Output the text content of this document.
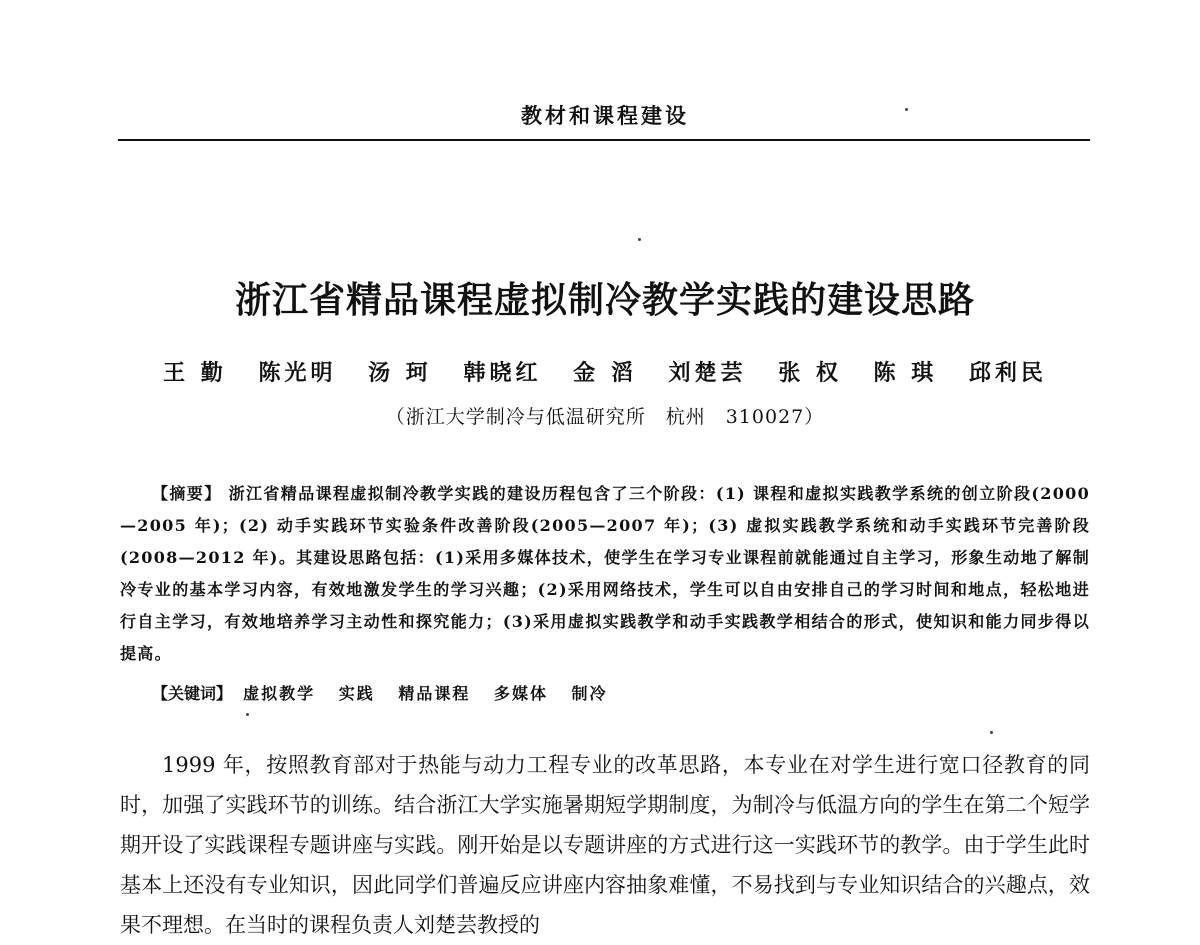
教材和课程建设
浙江省精品课程虚拟制冷教学实践的建设思路
王 勤 陈光明 汤 珂 韩晓红 金 滔 刘楚芸 张 权 陈 琪 邱利民
（浙江大学制冷与低温研究所　杭州　310027）

【摘要】 浙江省精品课程虚拟制冷教学实践的建设历程包含了三个阶段：(1) 课程和虚拟实践教学系统的创立阶段(2000—2005 年)；(2) 动手实践环节实验条件改善阶段(2005—2007 年)；(3) 虚拟实践教学系统和动手实践环节完善阶段(2008—2012 年)。其建设思路包括：(1)采用多媒体技术，使学生在学习专业课程前就能通过自主学习，形象生动地了解制冷专业的基本学习内容，有效地激发学生的学习兴趣；(2)采用网络技术，学生可以自由安排自己的学习时间和地点，轻松地进行自主学习，有效地培养学习主动性和探究能力；(3)采用虚拟实践教学和动手实践教学相结合的形式，使知识和能力同步得以提高。

【关键词】 虚拟教学 实践 精品课程 多媒体 制冷

1999 年，按照教育部对于热能与动力工程专业的改革思路，本专业在对学生进行宽口径教育的同时，加强了实践环节的训练。结合浙江大学实施暑期短学期制度，为制冷与低温方向的学生在第二个短学期开设了实践课程专题讲座与实践。刚开始是以专题讲座的方式进行这一实践环节的教学。由于学生此时基本上还没有专业知识，因此同学们普遍反应讲座内容抽象难懂，不易找到与专业知识结合的兴趣点，效果不理想。在当时的课程负责人刘楚芸教授的
